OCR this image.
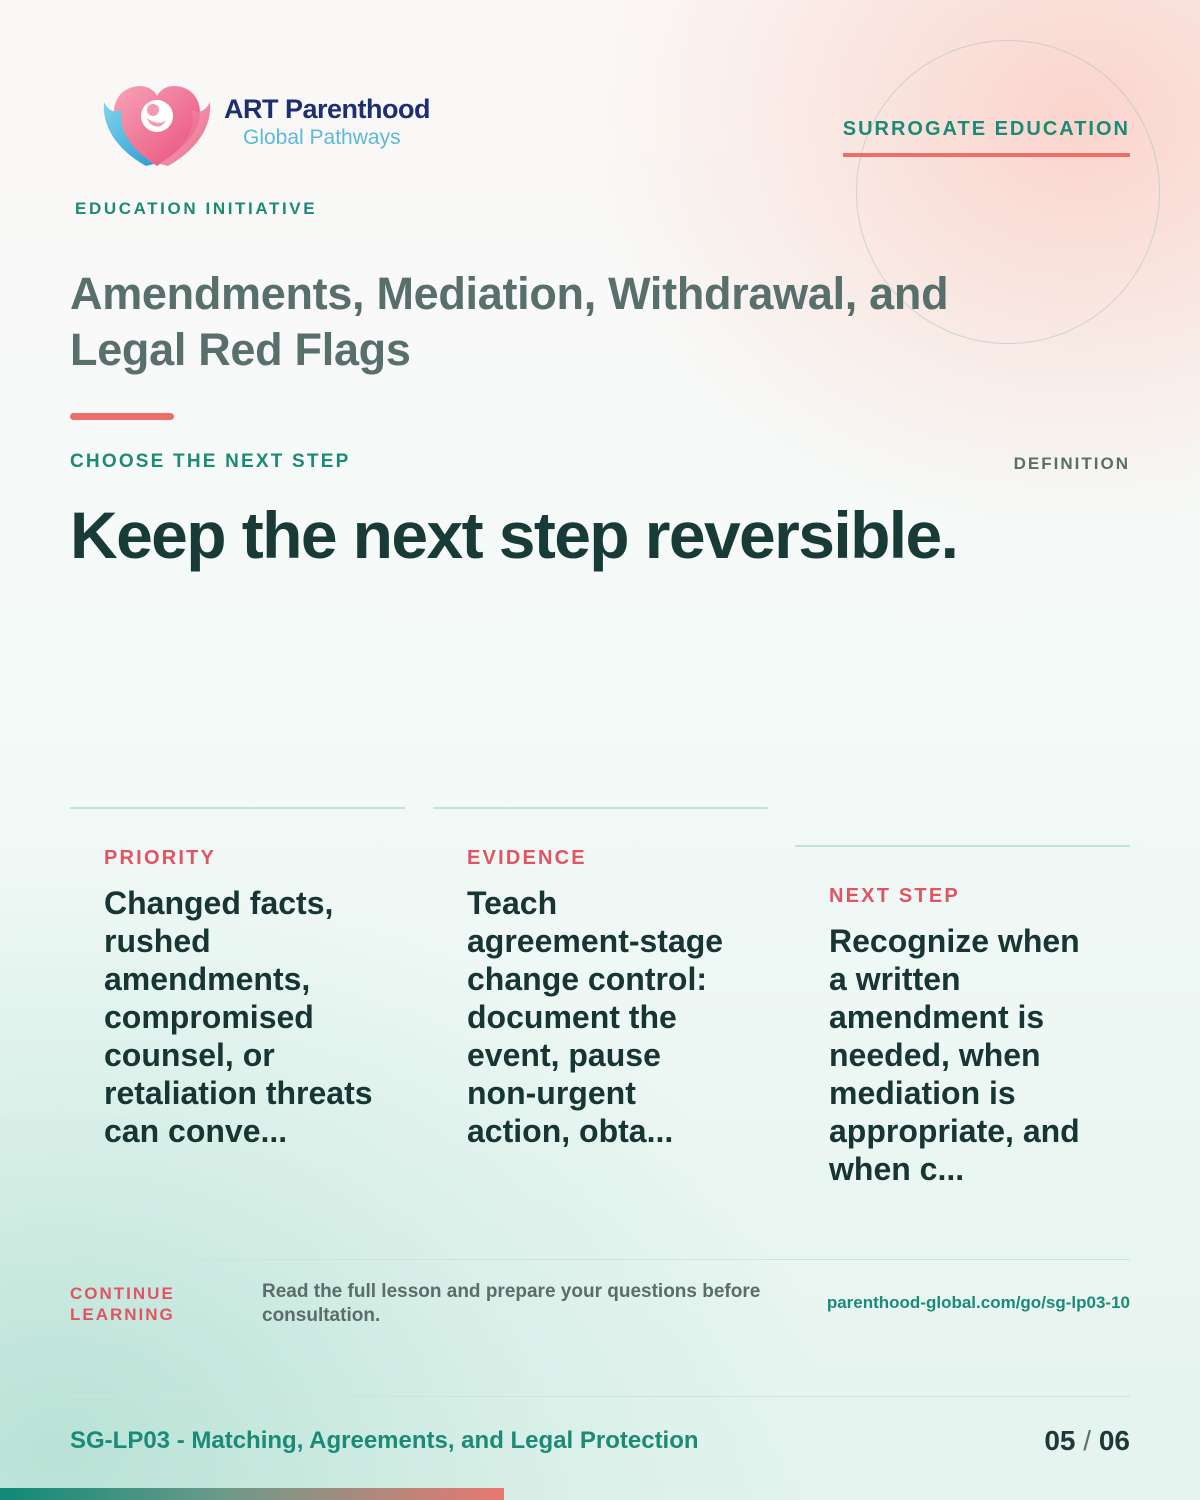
ART Parenthood
Global Pathways
EDUCATION INITIATIVE
SURROGATE EDUCATION
Amendments, Mediation, Withdrawal, and Legal Red Flags
CHOOSE THE NEXT STEP	DEFINITION
Keep the next step reversible.
PRIORITY
Changed facts, rushed amendments, compromised counsel, or retaliation threats can conve...
EVIDENCE
Teach agreement-stage change control: document the event, pause non-urgent action, obta...
NEXT STEP
Recognize when a written amendment is needed, when mediation is appropriate, and when c...
CONTINUE LEARNING
Read the full lesson and prepare your questions before consultation.
parenthood-global.com/go/sg-lp03-10
SG-LP03 - Matching, Agreements, and Legal Protection	05 / 06
